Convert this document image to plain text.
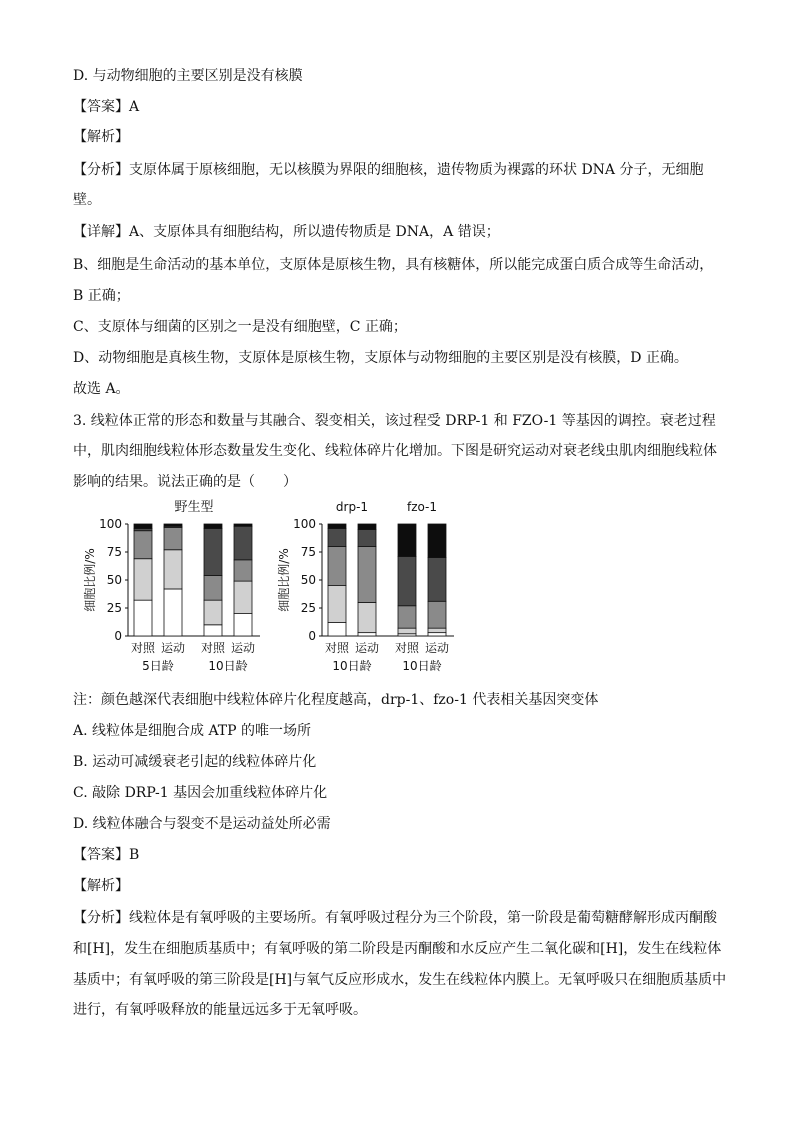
D. 与动物细胞的主要区别是没有核膜
【答案】A
【解析】
【分析】支原体属于原核细胞，无以核膜为界限的细胞核，遗传物质为裸露的环状 DNA 分子，无细胞
壁。
【详解】A、支原体具有细胞结构，所以遗传物质是 DNA，A 错误；
B、细胞是生命活动的基本单位，支原体是原核生物，具有核糖体，所以能完成蛋白质合成等生命活动，
B 正确；
C、支原体与细菌的区别之一是没有细胞壁，C 正确；
D、动物细胞是真核生物，支原体是原核生物，支原体与动物细胞的主要区别是没有核膜，D 正确。
故选 A。
3. 线粒体正常的形态和数量与其融合、裂变相关，该过程受 DRP-1 和 FZO-1 等基因的调控。衰老过程
中，肌肉细胞线粒体形态数量发生变化、线粒体碎片化增加。下图是研究运动对衰老线虫肌肉细胞线粒体
影响的结果。说法正确的是（　　）
0
25
50
75
100
细胞比例/%
野生型
对照 运动
5日龄
对照 运动
10日龄
0
25
50
75
100
细胞比例/%
drp-1	fzo-1
对照 运动
10日龄
对照 运动
10日龄
注：颜色越深代表细胞中线粒体碎片化程度越高，drp-1、fzo-1 代表相关基因突变体
A. 线粒体是细胞合成 ATP 的唯一场所
B. 运动可减缓衰老引起的线粒体碎片化
C. 敲除 DRP-1 基因会加重线粒体碎片化
D. 线粒体融合与裂变不是运动益处所必需
【答案】B
【解析】
【分析】线粒体是有氧呼吸的主要场所。有氧呼吸过程分为三个阶段，第一阶段是葡萄糖酵解形成丙酮酸
和[H]，发生在细胞质基质中；有氧呼吸的第二阶段是丙酮酸和水反应产生二氧化碳和[H]，发生在线粒体
基质中；有氧呼吸的第三阶段是[H]与氧气反应形成水，发生在线粒体内膜上。无氧呼吸只在细胞质基质中
进行，有氧呼吸释放的能量远远多于无氧呼吸。
